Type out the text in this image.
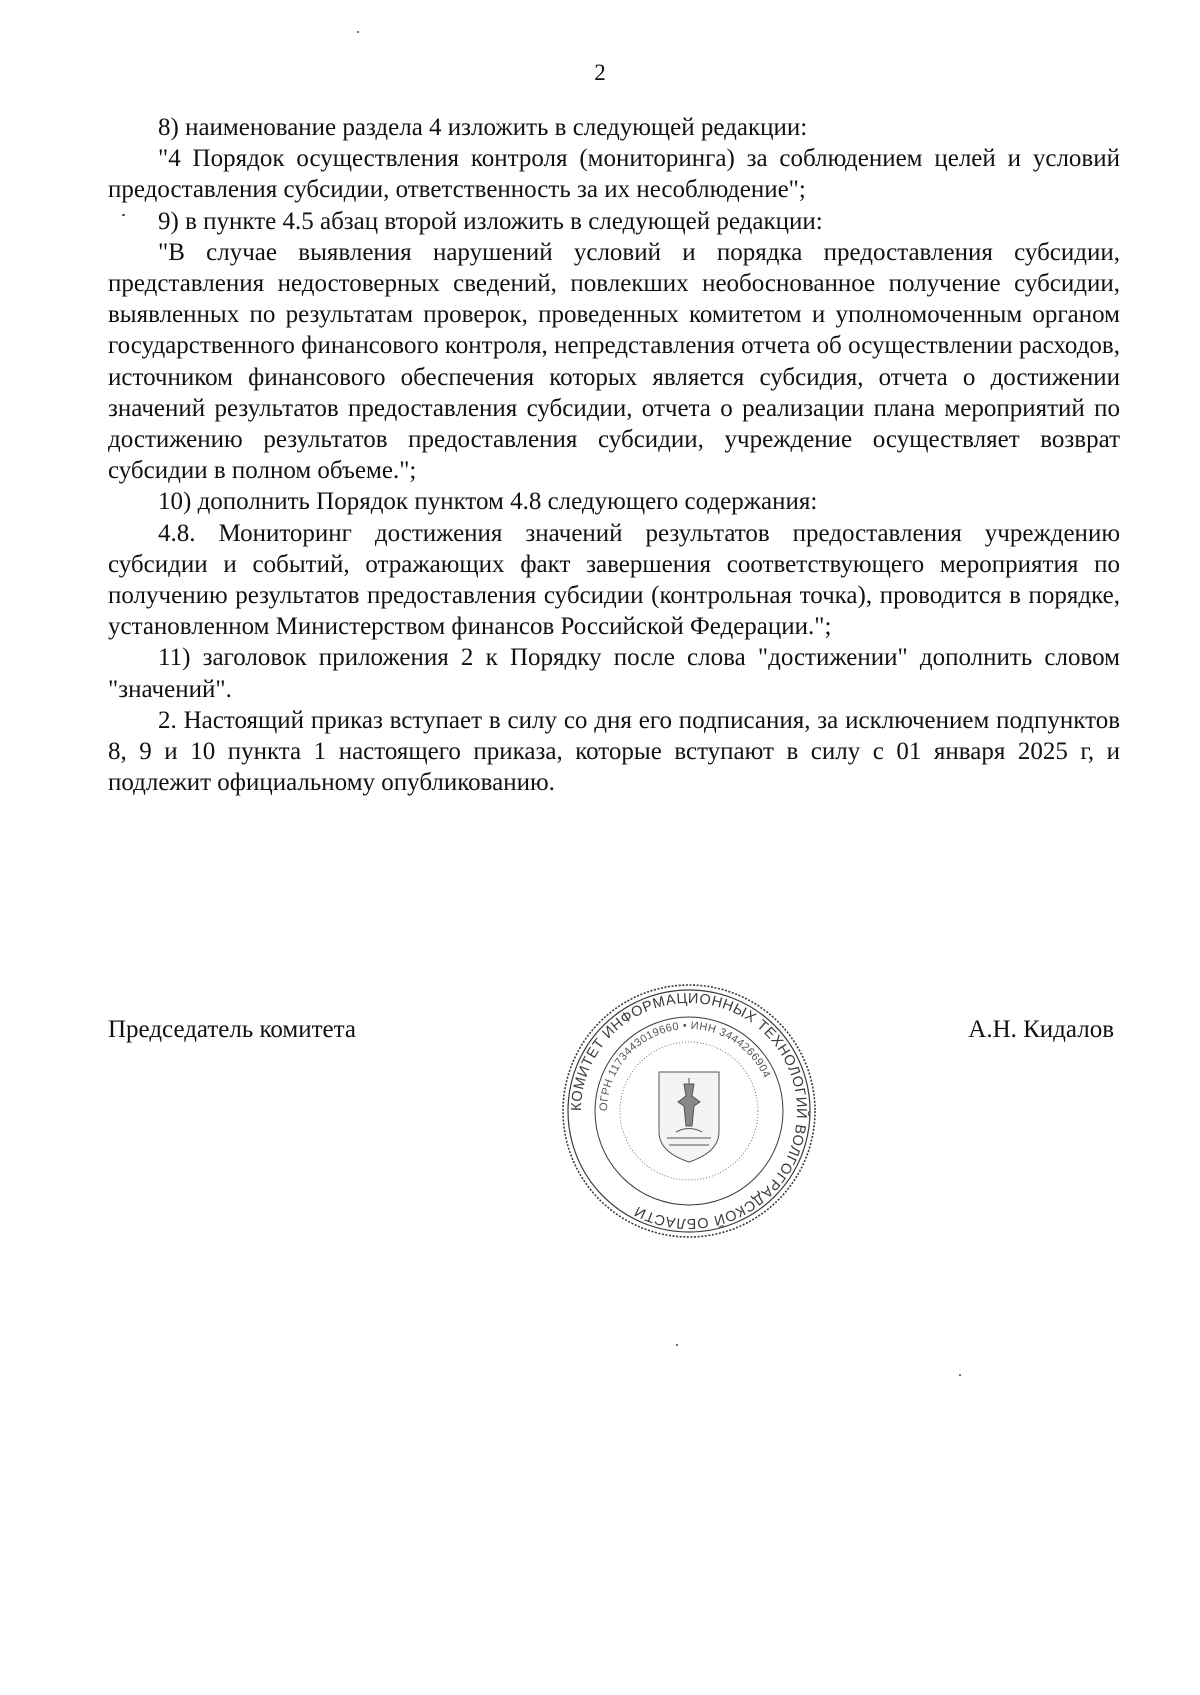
2

8) наименование раздела 4 изложить в следующей редакции:

"4 Порядок осуществления контроля (мониторинга) за соблюдением целей и условий предоставления субсидии, ответственность за их несоблюдение";

9) в пункте 4.5 абзац второй изложить в следующей редакции:

"В случае выявления нарушений условий и порядка предоставления субсидии, представления недостоверных сведений, повлекших необоснованное получение субсидии, выявленных по результатам проверок, проведенных комитетом и уполномоченным органом государственного финансового контроля, непредставления отчета об осуществлении расходов, источником финансового обеспечения которых является субсидия, отчета о достижении значений результатов предоставления субсидии, отчета о реализации плана мероприятий по достижению результатов предоставления субсидии, учреждение осуществляет возврат субсидии в полном объеме.";

10) дополнить Порядок пунктом 4.8 следующего содержания:

4.8. Мониторинг достижения значений результатов предоставления учреждению субсидии и событий, отражающих факт завершения соответствующего мероприятия по получению результатов предоставления субсидии (контрольная точка), проводится в порядке, установленном Министерством финансов Российской Федерации.";

11) заголовок приложения 2 к Порядку после слова "достижении" дополнить словом "значений".

2. Настоящий приказ вступает в силу со дня его подписания, за исключением подпунктов 8, 9 и 10 пункта 1 настоящего приказа, которые вступают в силу с 01 января 2025 г, и подлежит официальному опубликованию.

Председатель комитета	А.Н. Кидалов
КОМИТЕТ ИНФОРМАЦИОННЫХ ТЕХНОЛОГИЙ ВОЛГОГРАДСКОЙ ОБЛАСТИ
ОГРН 1173443019660 • ИНН 3444266904
